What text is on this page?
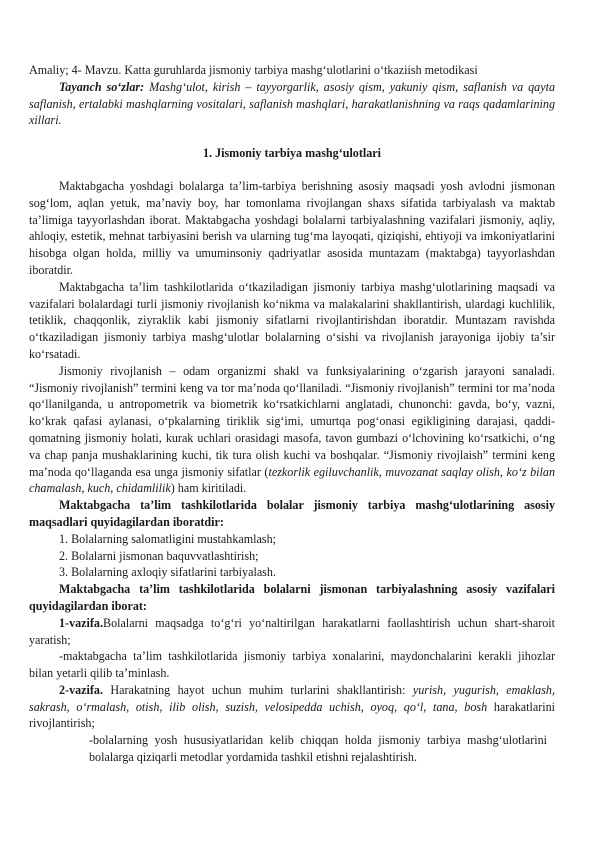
Amaliy; 4- Mavzu. Katta guruhlarda jismoniy tarbiya mashg‘ulotlarini o‘tkaziish metodikasi

Tayanch so‘zlar: Mashg‘ulot, kirish – tayyorgarlik, asosiy qism, yakuniy qism, saflanish va qayta saflanish, ertalabki mashqlarning vositalari, saflanish mashqlari, harakatlanishning va raqs qadamlarining xillari.

1. Jismoniy tarbiya mashg‘ulotlari

Maktabgacha yoshdagi bolalarga ta’lim-tarbiya berishning asosiy maqsadi yosh avlodni jismonan sog‘lom, aqlan yetuk, ma’naviy boy, har tomonlama rivojlangan shaxs sifatida tarbiyalash va maktab ta’limiga tayyorlashdan iborat. Maktabgacha yoshdagi bolalarni tarbiyalashning vazifalari jismoniy, aqliy, ahloqiy, estetik, mehnat tarbiyasini berish va ularning tug‘ma layoqati, qiziqishi, ehtiyoji va imkoniyatlarini hisobga olgan holda, milliy va umuminsoniy qadriyatlar asosida muntazam (maktabga) tayyorlashdan iboratdir.

Maktabgacha ta’lim tashkilotlarida o‘tkaziladigan jismoniy tarbiya mashg‘ulotlarining maqsadi va vazifalari bolalardagi turli jismoniy rivojlanish ko‘nikma va malakalarini shakllantirish, ulardagi kuchlilik, tetiklik, chaqqonlik, ziyraklik kabi jismoniy sifatlarni rivojlantirishdan iboratdir. Muntazam ravishda o‘tkaziladigan jismoniy tarbiya mashg‘ulotlar bolalarning o‘sishi va rivojlanish jarayoniga ijobiy ta’sir ko‘rsatadi.

Jismoniy rivojlanish – odam organizmi shakl va funksiyalarining o‘zgarish jarayoni sanaladi. “Jismoniy rivojlanish” termini keng va tor ma’noda qo‘llaniladi. “Jismoniy rivojlanish” termini tor ma’noda qo‘llanilganda, u antropometrik va biometrik ko‘rsatkichlarni anglatadi, chunonchi: gavda, bo‘y, vazni, ko‘krak qafasi aylanasi, o‘pkalarning tiriklik sig‘imi, umurtqa pog‘onasi egikligining darajasi, qaddi-qomatning jismoniy holati, kurak uchlari orasidagi masofa, tavon gumbazi o‘lchovining ko‘rsatkichi, o‘ng va chap panja mushaklarining kuchi, tik tura olish kuchi va boshqalar. “Jismoniy rivojlaish” termini keng ma’noda qo‘llaganda esa unga jismoniy sifatlar (tezkorlik egiluvchanlik, muvozanat saqlay olish, ko‘z bilan chamalash, kuch, chidamlilik) ham kiritiladi.

Maktabgacha ta’lim tashkilotlarida bolalar jismoniy tarbiya mashg‘ulotlarining asosiy maqsadlari quyidagilardan iboratdir:

1. Bolalarning salomatligini mustahkamlash;

2. Bolalarni jismonan baquvvatlashtirish;

3. Bolalarning axloqiy sifatlarini tarbiyalash.

Maktabgacha ta’lim tashkilotlarida bolalarni jismonan tarbiyalashning asosiy vazifalari quyidagilardan iborat:

1-vazifa.Bolalarni maqsadga to‘g‘ri yo‘naltirilgan harakatlarni faollashtirish uchun shart-sharoit yaratish;

-maktabgacha ta’lim tashkilotlarida jismoniy tarbiya xonalarini, maydonchalarini kerakli jihozlar bilan yetarli qilib ta’minlash.

2-vazifa. Harakatning hayot uchun muhim turlarini shakllantirish: yurish, yugurish, emaklash, sakrash, o‘rmalash, otish, ilib olish, suzish, velosipedda uchish, oyoq, qo‘l, tana, bosh harakatlarini rivojlantirish;

-bolalarning yosh hususiyatlaridan kelib chiqqan holda jismoniy tarbiya mashg‘ulotlarini bolalarga qiziqarli metodlar yordamida tashkil etishni rejalashtirish.
